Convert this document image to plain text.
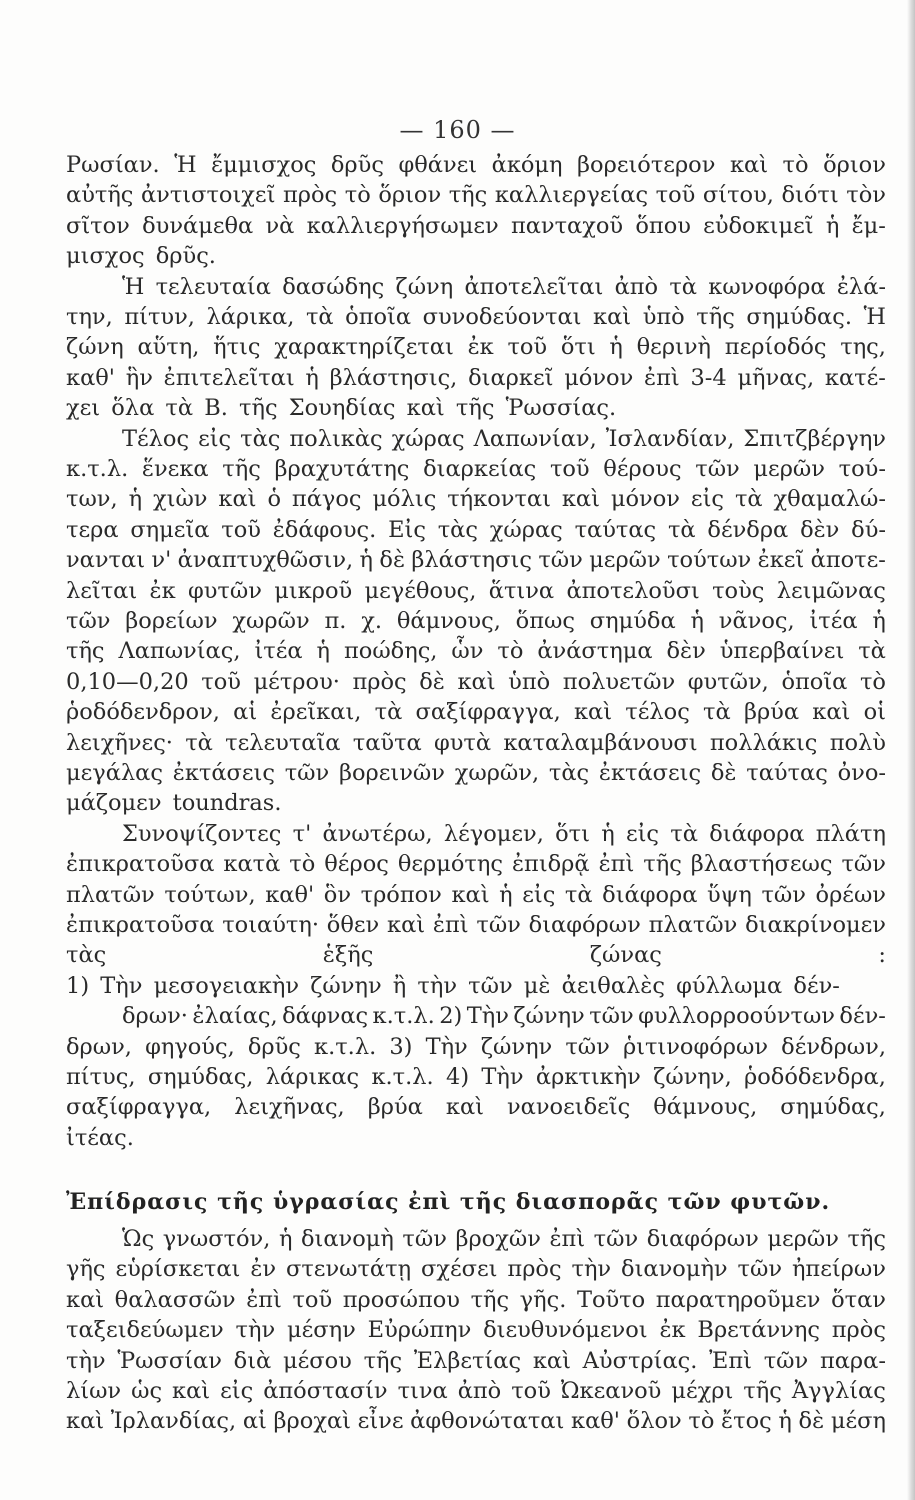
— 160 —
Ρωσίαν. Ἡ ἔμμισχος δρῦς φθάνει ἀκόμη βορειότερον καὶ τὸ ὅριον
αὐτῆς ἀντιστοιχεῖ πρὸς τὸ ὅριον τῆς καλλιεργείας τοῦ σίτου, διότι τὸν
σῖτον δυνάμεθα νὰ καλλιεργήσωμεν πανταχοῦ ὅπου εὐδοκιμεῖ ἡ ἔμ-
μισχος δρῦς.
Ἡ τελευταία δασώδης ζώνη ἀποτελεῖται ἀπὸ τὰ κωνοφόρα ἐλά-
την, πίτυν, λάρικα, τὰ ὁποῖα συνοδεύονται καὶ ὑπὸ τῆς σημύδας. Ἡ
ζώνη αὕτη, ἥτις χαρακτηρίζεται ἐκ τοῦ ὅτι ἡ θερινὴ περίοδός της,
καθ' ἣν ἐπιτελεῖται ἡ βλάστησις, διαρκεῖ μόνον ἐπὶ 3-4 μῆνας, κατέ-
χει ὅλα τὰ Β. τῆς Σουηδίας καὶ τῆς Ῥωσσίας.
Τέλος εἰς τὰς πολικὰς χώρας Λαπωνίαν, Ἰσλανδίαν, Σπιτζβέργην
κ.τ.λ. ἕνεκα τῆς βραχυτάτης διαρκείας τοῦ θέρους τῶν μερῶν τού-
των, ἡ χιὼν καὶ ὁ πάγος μόλις τήκονται καὶ μόνον εἰς τὰ χθαμαλώ-
τερα σημεῖα τοῦ ἐδάφους. Εἰς τὰς χώρας ταύτας τὰ δένδρα δὲν δύ-
νανται ν' ἀναπτυχθῶσιν, ἡ δὲ βλάστησις τῶν μερῶν τούτων ἐκεῖ ἀποτε-
λεῖται ἐκ φυτῶν μικροῦ μεγέθους, ἅτινα ἀποτελοῦσι τοὺς λειμῶνας
τῶν βορείων χωρῶν π. χ. θάμνους, ὅπως σημύδα ἡ νᾶνος, ἰτέα ἡ
τῆς Λαπωνίας, ἰτέα ἡ ποώδης, ὧν τὸ ἀνάστημα δὲν ὑπερβαίνει τὰ
0,10—0,20 τοῦ μέτρου· πρὸς δὲ καὶ ὑπὸ πολυετῶν φυτῶν, ὁποῖα τὸ
ῥοδόδενδρον, αἱ ἐρεῖκαι, τὰ σαξίφραγγα, καὶ τέλος τὰ βρύα καὶ οἱ
λειχῆνες· τὰ τελευταῖα ταῦτα φυτὰ καταλαμβάνουσι πολλάκις πολὺ
μεγάλας ἐκτάσεις τῶν βορεινῶν χωρῶν, τὰς ἐκτάσεις δὲ ταύτας ὀνο-
μάζομεν toundras.
Συνοψίζοντες τ' ἀνωτέρω, λέγομεν, ὅτι ἡ εἰς τὰ διάφορα πλάτη
ἐπικρατοῦσα κατὰ τὸ θέρος θερμότης ἐπιδρᾷ ἐπὶ τῆς βλαστήσεως τῶν
πλατῶν τούτων, καθ' ὃν τρόπον καὶ ἡ εἰς τὰ διάφορα ὕψη τῶν ὀρέων
ἐπικρατοῦσα τοιαύτη· ὅθεν καὶ ἐπὶ τῶν διαφόρων πλατῶν διακρίνομεν
τὰς	ἑξῆς	ζώνας	:
1) Τὴν μεσογειακὴν ζώνην ἢ τὴν τῶν μὲ ἀειθαλὲς φύλλωμα δέν-
δρων· ἐλαίας, δάφνας κ.τ.λ. 2) Τὴν ζώνην τῶν φυλλορροούντων δέν-
δρων, φηγούς, δρῦς κ.τ.λ. 3) Τὴν ζώνην τῶν ῥιτινοφόρων δένδρων,
πίτυς, σημύδας, λάρικας κ.τ.λ. 4) Τὴν ἀρκτικὴν ζώνην, ῥοδόδενδρα,
σαξίφραγγα, λειχῆνας, βρύα καὶ νανοειδεῖς θάμνους, σημύδας,
ἰτέας.
Ἐπίδρασις τῆς ὑγρασίας ἐπὶ τῆς διασπορᾶς τῶν φυτῶν.
Ὡς γνωστόν, ἡ διανομὴ τῶν βροχῶν ἐπὶ τῶν διαφόρων μερῶν τῆς
γῆς εὑρίσκεται ἐν στενωτάτῃ σχέσει πρὸς τὴν διανομὴν τῶν ἠπείρων
καὶ θαλασσῶν ἐπὶ τοῦ προσώπου τῆς γῆς. Τοῦτο παρατηροῦμεν ὅταν
ταξειδεύωμεν τὴν μέσην Εὐρώπην διευθυνόμενοι ἐκ Βρετάννης πρὸς
τὴν Ῥωσσίαν διὰ μέσου τῆς Ἐλβετίας καὶ Αὐστρίας. Ἐπὶ τῶν παρα-
λίων ὡς καὶ εἰς ἀπόστασίν τινα ἀπὸ τοῦ Ὠκεανοῦ μέχρι τῆς Ἀγγλίας
καὶ Ἰρλανδίας, αἱ βροχαὶ εἶνε ἀφθονώταται καθ' ὅλον τὸ ἔτος ἡ δὲ μέση
